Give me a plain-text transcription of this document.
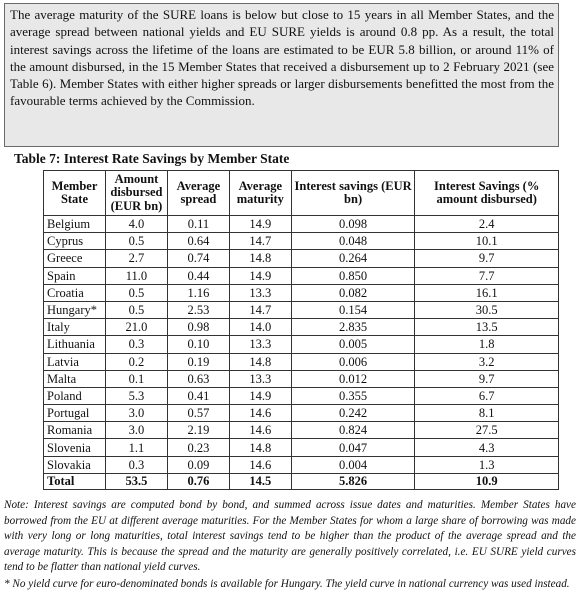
The average maturity of the SURE loans is below but close to 15 years in all Member States, and the average spread between national yields and EU SURE yields is around 0.8 pp. As a result, the total interest savings across the lifetime of the loans are estimated to be EUR 5.8 billion, or around 11% of the amount disbursed, in the 15 Member States that received a disbursement up to 2 February 2021 (see Table 6). Member States with either higher spreads or larger disbursements benefitted the most from the favourable terms achieved by the Commission.
Table 7: Interest Rate Savings by Member State
Member State	Amount disbursed (EUR bn)	Average spread	Average maturity	Interest savings (EUR bn)	Interest Savings (% amount disbursed)
Belgium	4.0	0.11	14.9	0.098	2.4
Cyprus	0.5	0.64	14.7	0.048	10.1
Greece	2.7	0.74	14.8	0.264	9.7
Spain	11.0	0.44	14.9	0.850	7.7
Croatia	0.5	1.16	13.3	0.082	16.1
Hungary*	0.5	2.53	14.7	0.154	30.5
Italy	21.0	0.98	14.0	2.835	13.5
Lithuania	0.3	0.10	13.3	0.005	1.8
Latvia	0.2	0.19	14.8	0.006	3.2
Malta	0.1	0.63	13.3	0.012	9.7
Poland	5.3	0.41	14.9	0.355	6.7
Portugal	3.0	0.57	14.6	0.242	8.1
Romania	3.0	2.19	14.6	0.824	27.5
Slovenia	1.1	0.23	14.8	0.047	4.3
Slovakia	0.3	0.09	14.6	0.004	1.3
Total	53.5	0.76	14.5	5.826	10.9
Note: Interest savings are computed bond by bond, and summed across issue dates and maturities. Member States have borrowed from the EU at different average maturities. For the Member States for whom a large share of borrowing was made with very long or long maturities, total interest savings tend to be higher than the product of the average spread and the average maturity. This is because the spread and the maturity are generally positively correlated, i.e. EU SURE yield curves tend to be flatter than national yield curves.
* No yield curve for euro-denominated bonds is available for Hungary. The yield curve in national currency was used instead.
